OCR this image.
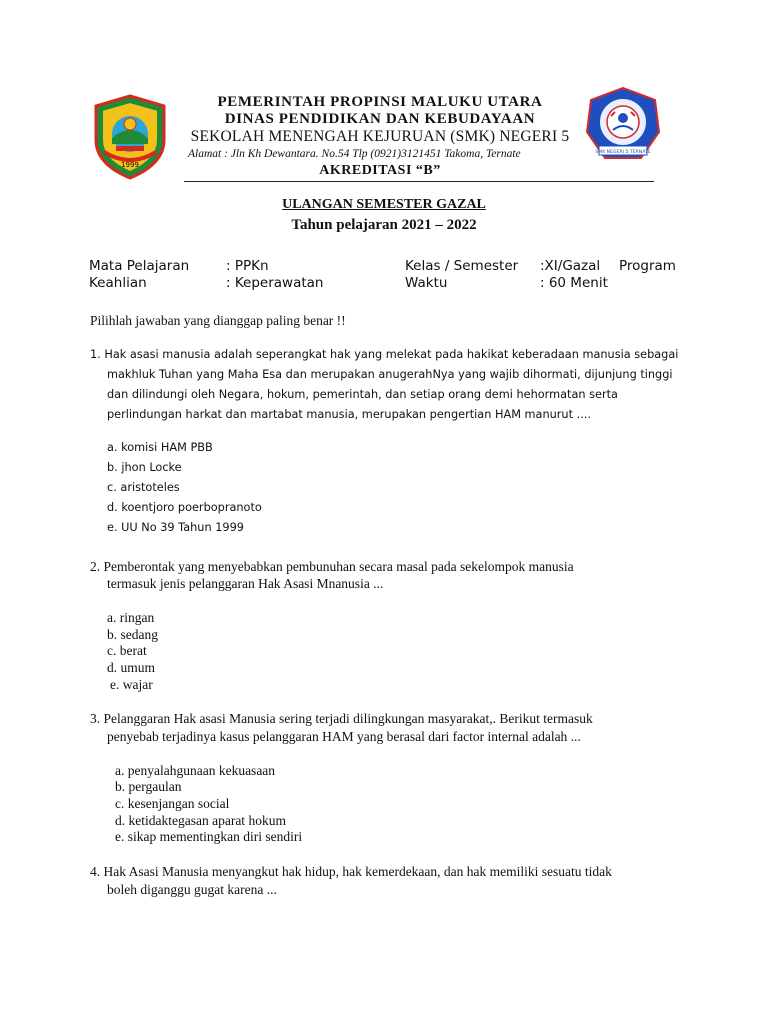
1999
SMK NEGERI 5 TERNATE
PEMERINTAH PROPINSI MALUKU UTARA
DINAS PENDIDIKAN DAN KEBUDAYAAN
SEKOLAH MENENGAH KEJURUAN (SMK) NEGERI 5
Alamat : Jln Kh Dewantara. No.54 Tlp (0921)3121451 Takoma, Ternate
AKREDITASI “B”
ULANGAN SEMESTER GAZAL
Tahun pelajaran 2021 – 2022
Mata Pelajaran	: PPKn	Kelas / Semester :XI/Gazal Program
Keahlian	: Keperawatan	Waktu	: 60 Menit
Pilihlah jawaban yang dianggap paling benar !!
1. Hak asasi manusia adalah seperangkat hak yang melekat pada hakikat keberadaan manusia sebagai
makhluk Tuhan yang Maha Esa dan merupakan anugerahNya yang wajib dihormati, dijunjung tinggi
dan dilindungi oleh Negara, hokum, pemerintah, dan setiap orang demi hehormatan serta
perlindungan harkat dan martabat manusia, merupakan pengertian HAM manurut ....
a. komisi HAM PBB
b. jhon Locke
c. aristoteles
d. koentjoro poerbopranoto
e. UU No 39 Tahun 1999
2. Pemberontak yang menyebabkan pembunuhan secara masal pada sekelompok manusia
termasuk jenis pelanggaran Hak Asasi Mnanusia ...
a. ringan
b. sedang
c. berat
d. umum
e. wajar
3. Pelanggaran Hak asasi Manusia sering terjadi dilingkungan masyarakat,. Berikut termasuk
penyebab terjadinya kasus pelanggaran HAM yang berasal dari factor internal adalah ...
a. penyalahgunaan kekuasaan
b. pergaulan
c. kesenjangan social
d. ketidaktegasan aparat hokum
e. sikap mementingkan diri sendiri
4. Hak Asasi Manusia menyangkut hak hidup, hak kemerdekaan, dan hak memiliki sesuatu tidak
boleh diganggu gugat karena ...
